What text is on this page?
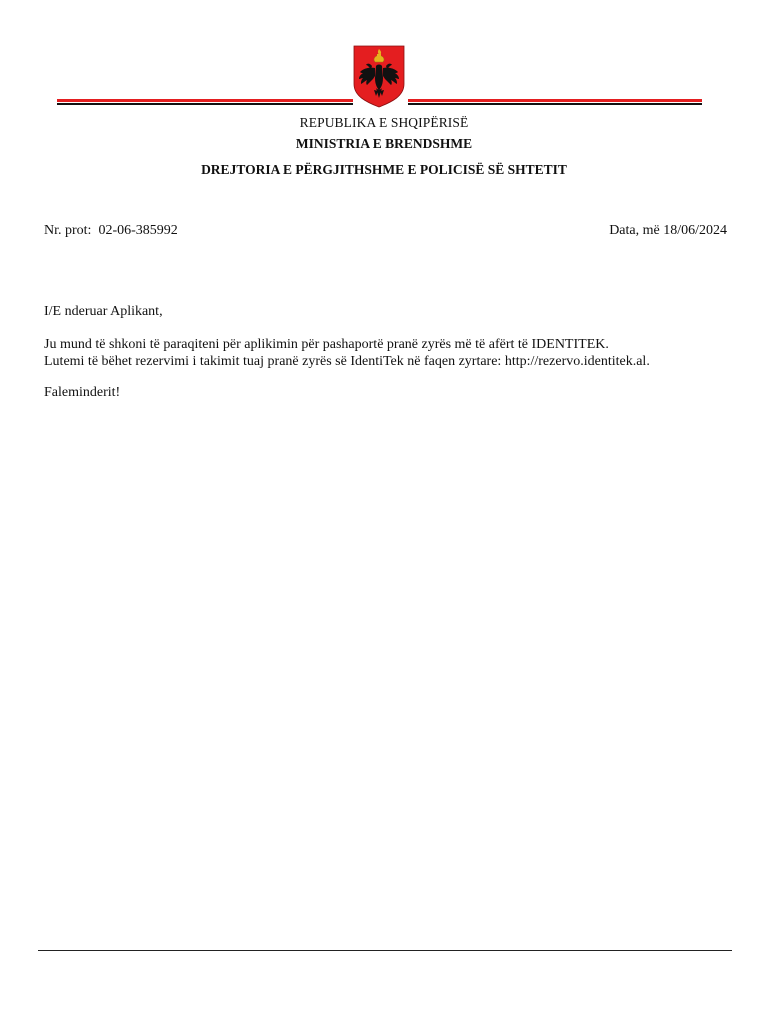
REPUBLIKA E SHQIPËRISË
MINISTRIA E BRENDSHME
DREJTORIA E PËRGJITHSHME E POLICISË SË SHTETIT
Nr. prot: 02-06-385992	Data, më 18/06/2024
I/E nderuar Aplikant,
Ju mund të shkoni të paraqiteni për aplikimin për pashaportë pranë zyrës më të afërt të IDENTITEK.
Lutemi të bëhet rezervimi i takimit tuaj pranë zyrës së IdentiTek në faqen zyrtare: http://rezervo.identitek.al.
Faleminderit!
